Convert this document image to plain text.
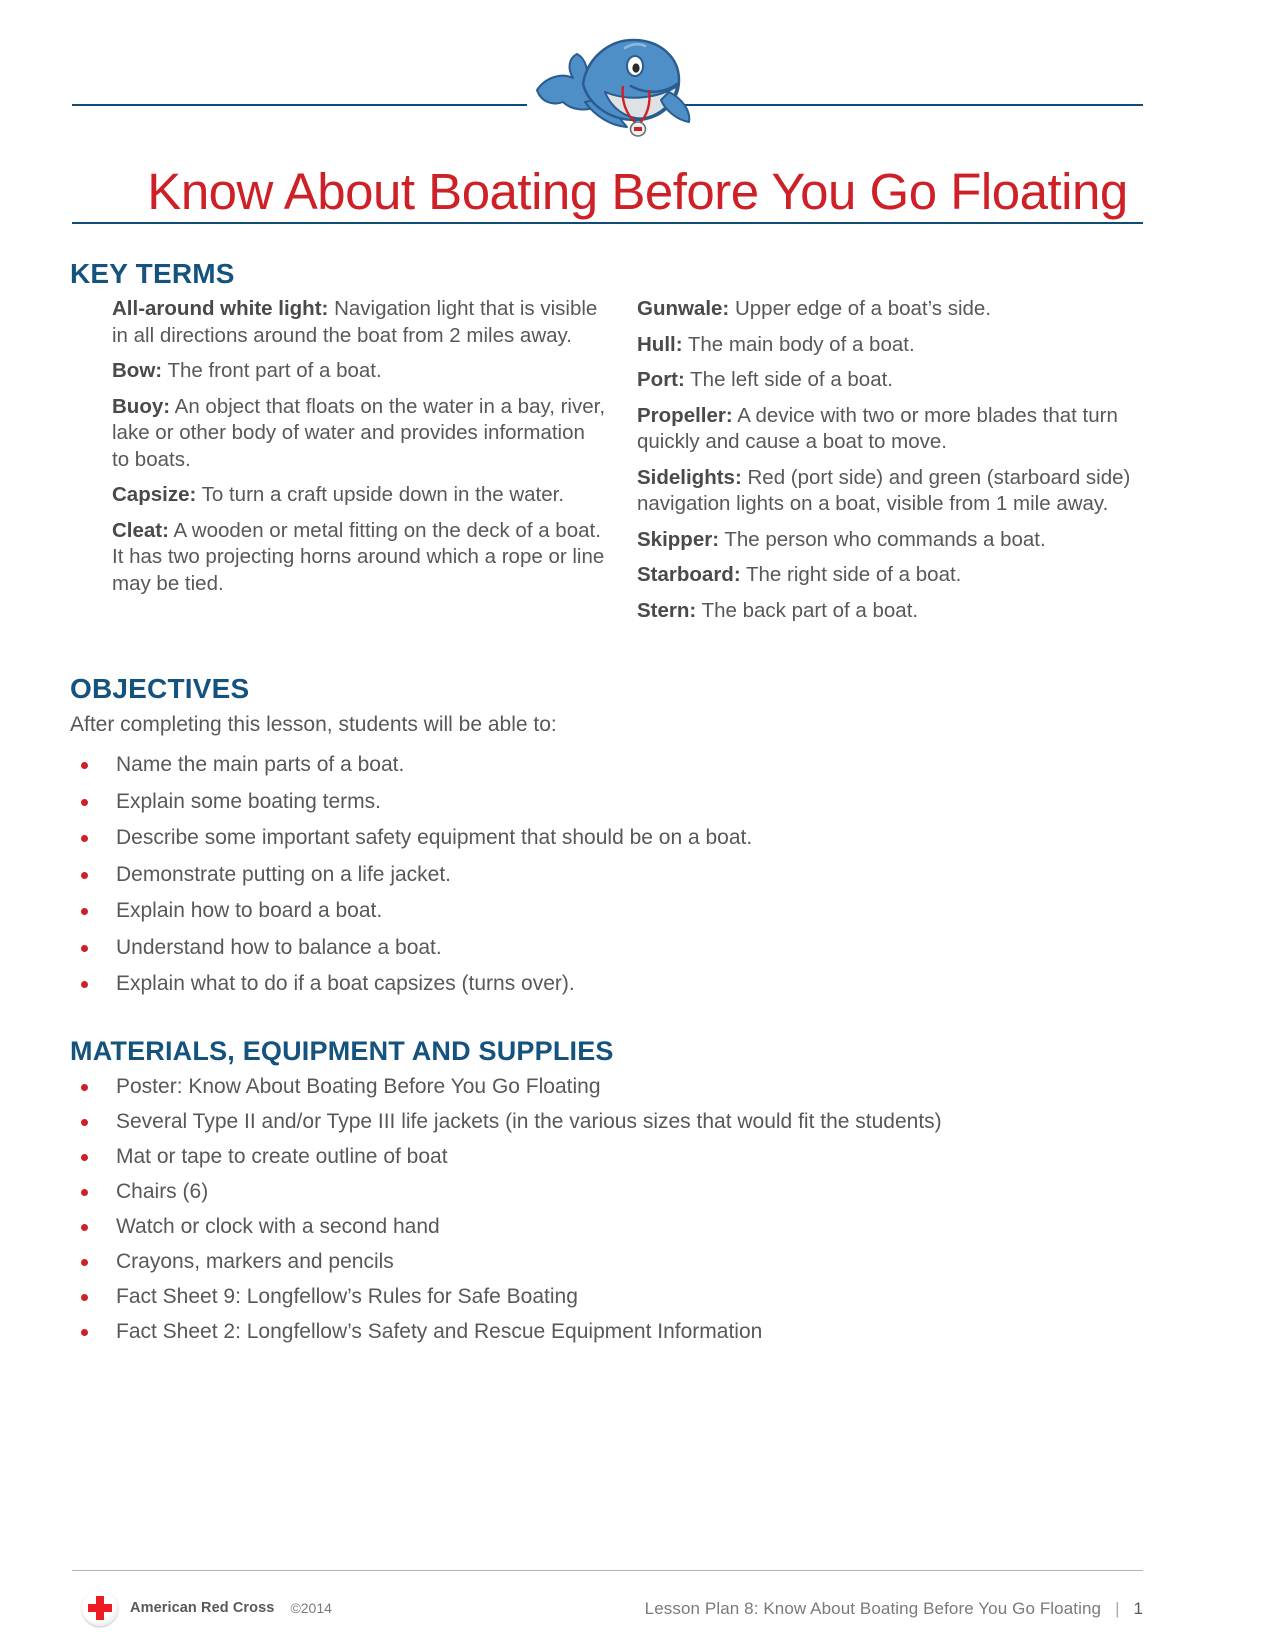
Know About Boating Before You Go Floating
KEY TERMS
All-around white light: Navigation light that is visible in all directions around the boat from 2 miles away.
Bow: The front part of a boat.
Buoy: An object that floats on the water in a bay, river, lake or other body of water and provides information to boats.
Capsize: To turn a craft upside down in the water.
Cleat: A wooden or metal fitting on the deck of a boat. It has two projecting horns around which a rope or line may be tied.
Gunwale: Upper edge of a boat’s side.
Hull: The main body of a boat.
Port: The left side of a boat.
Propeller: A device with two or more blades that turn quickly and cause a boat to move.
Sidelights: Red (port side) and green (starboard side) navigation lights on a boat, visible from 1 mile away.
Skipper: The person who commands a boat.
Starboard: The right side of a boat.
Stern: The back part of a boat.
OBJECTIVES

After completing this lesson, students will be able to:

Name the main parts of a boat.
Explain some boating terms.
Describe some important safety equipment that should be on a boat.
Demonstrate putting on a life jacket.
Explain how to board a boat.
Understand how to balance a boat.
Explain what to do if a boat capsizes (turns over).
MATERIALS, EQUIPMENT AND SUPPLIES
Poster: Know About Boating Before You Go Floating
Several Type II and/or Type III life jackets (in the various sizes that would fit the students)
Mat or tape to create outline of boat
Chairs (6)
Watch or clock with a second hand
Crayons, markers and pencils
Fact Sheet 9: Longfellow’s Rules for Safe Boating
Fact Sheet 2: Longfellow’s Safety and Rescue Equipment Information
American Red Cross ©2014	Lesson Plan 8: Know About Boating Before You Go Floating | 1
